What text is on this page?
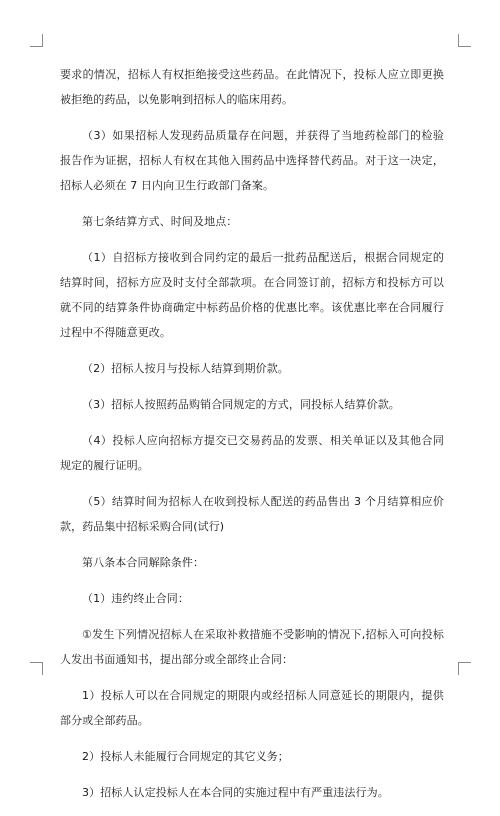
要求的情况，招标人有权拒绝接受这些药品。在此情况下，投标人应立即更换被拒绝的药品，以免影响到招标人的临床用药。

（3）如果招标人发现药品质量存在问题，并获得了当地药检部门的检验报告作为证据，招标人有权在其他入围药品中选择替代药品。对于这一决定，招标人必须在 7 日内向卫生行政部门备案。

第七条结算方式、时间及地点：

（1）自招标方接收到合同约定的最后一批药品配送后，根据合同规定的结算时间，招标方应及时支付全部款项。在合同签订前，招标方和投标方可以就不同的结算条件协商确定中标药品价格的优惠比率。该优惠比率在合同履行过程中不得随意更改。

（2）招标人按月与投标人结算到期价款。

（3）招标人按照药品购销合同规定的方式，同投标人结算价款。

（4）投标人应向招标方提交已交易药品的发票、相关单证以及其他合同规定的履行证明。

（5）结算时间为招标人在收到投标人配送的药品售出 3 个月结算相应价款，药品集中招标采购合同(试行)

第八条本合同解除条件：

（1）违约终止合同：

①发生下列情况招标人在采取补救措施不受影响的情况下,招标入可向投标人发出书面通知书，提出部分或全部终止合同：

1）投标人可以在合同规定的期限内或经招标人同意延长的期限内，提供部分或全部药品。

2）投标人未能履行合同规定的其它义务；

3）招标人认定投标人在本合同的实施过程中有严重违法行为。
